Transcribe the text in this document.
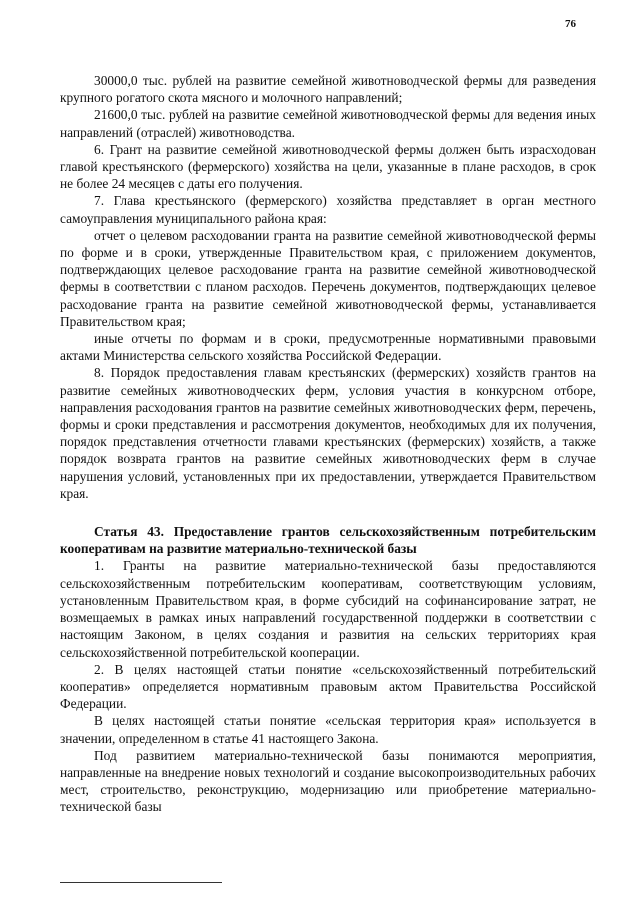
76

30000,0 тыс. рублей на развитие семейной животноводческой фермы для разведения крупного рогатого скота мясного и молочного направлений;

21600,0 тыс. рублей на развитие семейной животноводческой фермы для ведения иных направлений (отраслей) животноводства.

6. Грант на развитие семейной животноводческой фермы должен быть израсходован главой крестьянского (фермерского) хозяйства на цели, указанные в плане расходов, в срок не более 24 месяцев с даты его получения.

7. Глава крестьянского (фермерского) хозяйства представляет в орган местного самоуправления муниципального района края:

отчет о целевом расходовании гранта на развитие семейной животноводческой фермы по форме и в сроки, утвержденные Правительством края, с приложением документов, подтверждающих целевое расходование гранта на развитие семейной животноводческой фермы в соответствии с планом расходов. Перечень документов, подтверждающих целевое расходование гранта на развитие семейной животноводческой фермы, устанавливается Правительством края;

иные отчеты по формам и в сроки, предусмотренные нормативными правовыми актами Министерства сельского хозяйства Российской Федерации.

8. Порядок предоставления главам крестьянских (фермерских) хозяйств грантов на развитие семейных животноводческих ферм, условия участия в конкурсном отборе, направления расходования грантов на развитие семейных животноводческих ферм, перечень, формы и сроки представления и рассмотрения документов, необходимых для их получения, порядок представления отчетности главами крестьянских (фермерских) хозяйств, а также порядок возврата грантов на развитие семейных животноводческих ферм в случае нарушения условий, установленных при их предоставлении, утверждается Правительством края.

Статья 43. Предоставление грантов сельскохозяйственным потребительским кооперативам на развитие материально-технической базы

1. Гранты на развитие материально-технической базы предоставляются сельскохозяйственным потребительским кооперативам, соответствующим условиям, установленным Правительством края, в форме субсидий на софинансирование затрат, не возмещаемых в рамках иных направлений государственной поддержки в соответствии с настоящим Законом, в целях создания и развития на сельских территориях края сельскохозяйственной потребительской кооперации.

2. В целях настоящей статьи понятие «сельскохозяйственный потребительский кооператив» определяется нормативным правовым актом Правительства Российской Федерации.

В целях настоящей статьи понятие «сельская территория края» используется в значении, определенном в статье 41 настоящего Закона.

Под развитием материально-технической базы понимаются мероприятия, направленные на внедрение новых технологий и создание высокопроизводительных рабочих мест, строительство, реконструкцию, модернизацию или приобретение материально-технической базы
